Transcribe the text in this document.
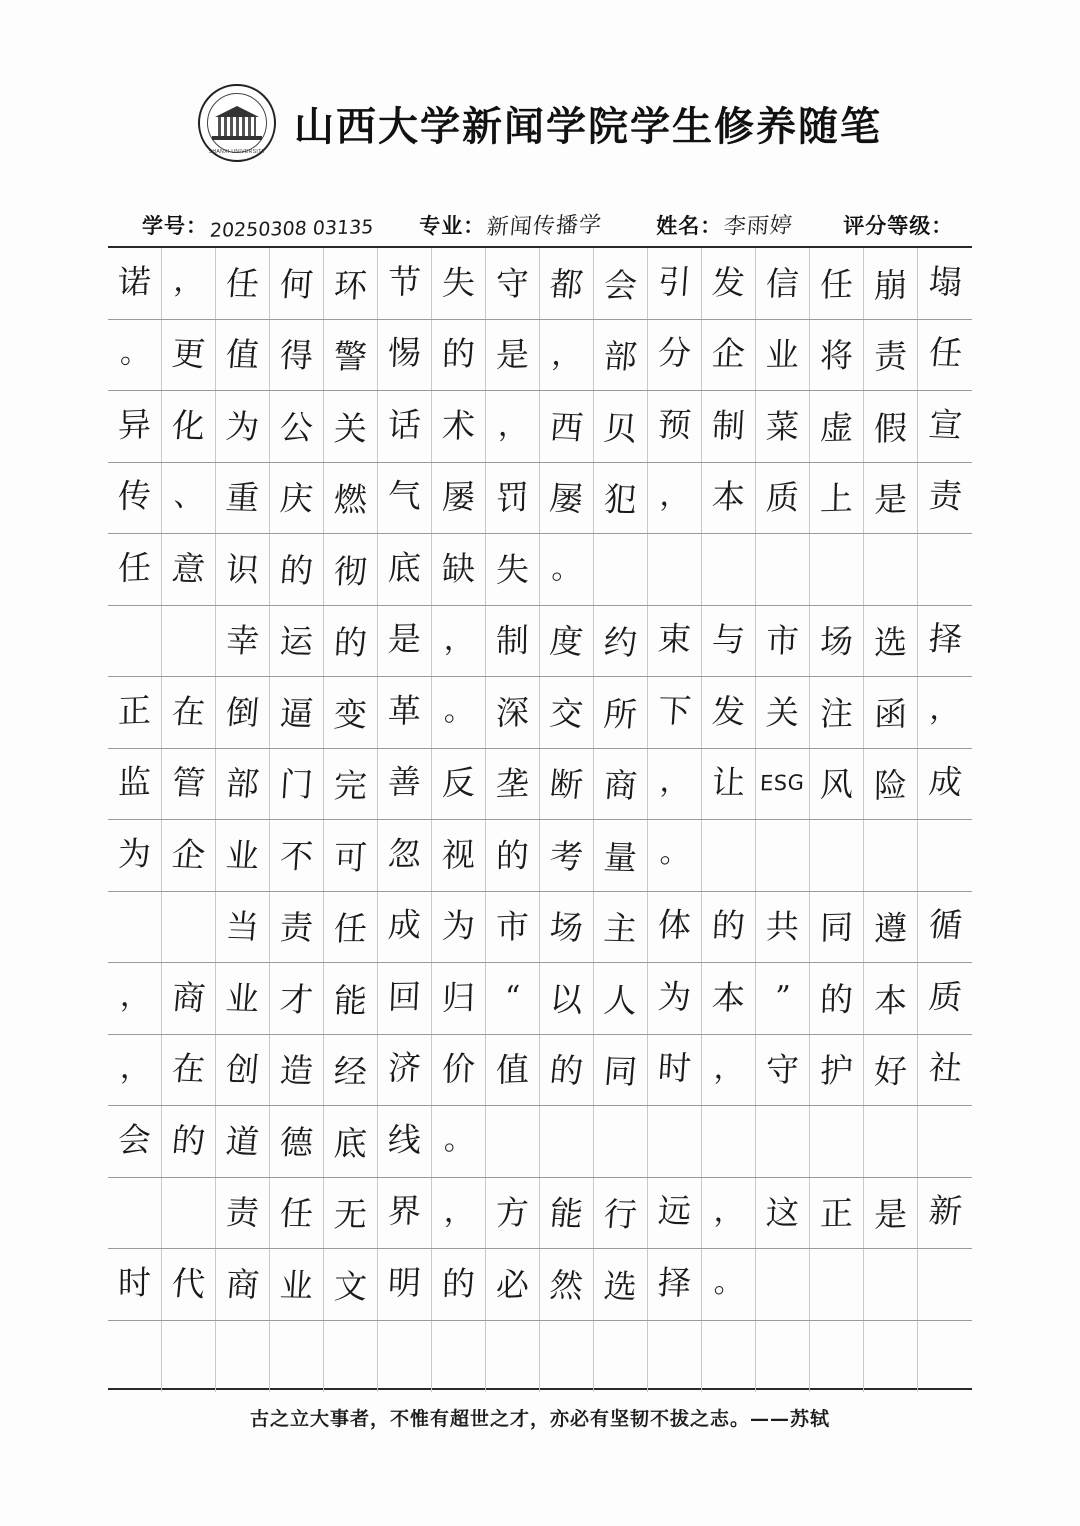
SHANXI UNIVERSITY
山西大学新闻学院学生修养随笔
学号： 20250308 03135 专业： 新闻传播学	姓名： 李雨婷 评分等级：
诺 ， 任 何 环 节 失 守 都 会 引 发 信 任 崩 塌
。 更 值 得 警 惕 的 是 ， 部 分 企 业 将 责 任
异 化 为 公 关 话 术 ， 西 贝 预 制 菜 虚 假 宣
传 、 重 庆 燃 气 屡 罚 屡 犯 ， 本 质 上 是 责
任 意 识 的 彻 底 缺 失 。
幸 运 的 是 ， 制 度 约 束 与 市 场 选 择
正 在 倒 逼 变 革 。 深 交 所 下 发 关 注 函 ，
监 管 部 门 完 善 反 垄 断 商 ， 让 ESG 风 险 成
为 企 业 不 可 忽 视 的 考 量 。
当 责 任 成 为 市 场 主 体 的 共 同 遵 循
， 商 业 才 能 回 归 “ 以 人 为 本 ” 的 本 质
， 在 创 造 经 济 价 值 的 同 时 ， 守 护 好 社
会 的 道 德 底 线 。
责 任 无 界 ， 方 能 行 远 ， 这 正 是 新
时 代 商 业 文 明 的 必 然 选 择 。
古之立大事者，不惟有超世之才，亦必有坚韧不拔之志。——苏轼
